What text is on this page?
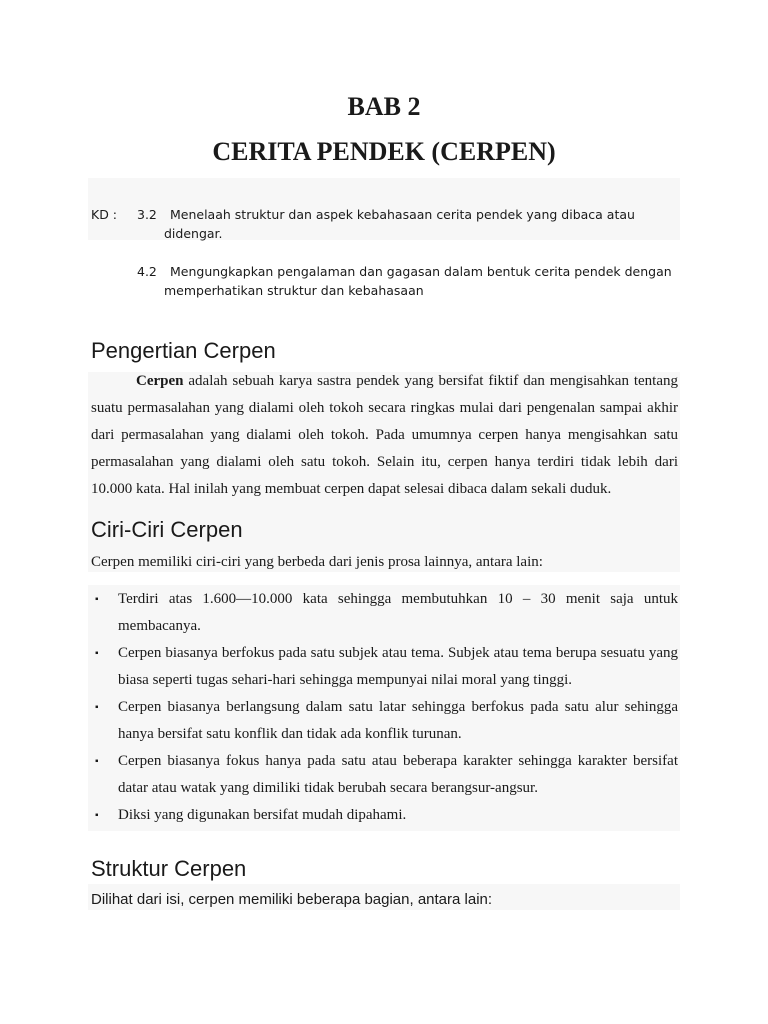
BAB 2
CERITA PENDEK (CERPEN)
KD : 3.2 Menelaah struktur dan aspek kebahasaan cerita pendek yang dibaca atau
didengar.
4.2 Mengungkapkan pengalaman dan gagasan dalam bentuk cerita pendek dengan
memperhatikan struktur dan kebahasaan
Pengertian Cerpen

Cerpen adalah sebuah karya sastra pendek yang bersifat fiktif dan mengisahkan tentang suatu permasalahan yang dialami oleh tokoh secara ringkas mulai dari pengenalan sampai akhir dari permasalahan yang dialami oleh tokoh. Pada umumnya cerpen hanya mengisahkan satu permasalahan yang dialami oleh satu tokoh. Selain itu, cerpen hanya terdiri tidak lebih dari 10.000 kata. Hal inilah yang membuat cerpen dapat selesai dibaca dalam sekali duduk.

Ciri-Ciri Cerpen

Cerpen memiliki ciri-ciri yang berbeda dari jenis prosa lainnya, antara lain:

▪ Terdiri atas 1.600—10.000 kata sehingga membutuhkan 10 – 30 menit saja untuk membacanya.
▪ Cerpen biasanya berfokus pada satu subjek atau tema. Subjek atau tema berupa sesuatu yang biasa seperti tugas sehari-hari sehingga mempunyai nilai moral yang tinggi.
▪ Cerpen biasanya berlangsung dalam satu latar sehingga berfokus pada satu alur sehingga hanya bersifat satu konflik dan tidak ada konflik turunan.
▪ Cerpen biasanya fokus hanya pada satu atau beberapa karakter sehingga karakter bersifat datar atau watak yang dimiliki tidak berubah secara berangsur-angsur.
▪ Diksi yang digunakan bersifat mudah dipahami.
Struktur Cerpen
Dilihat dari isi, cerpen memiliki beberapa bagian, antara lain:
